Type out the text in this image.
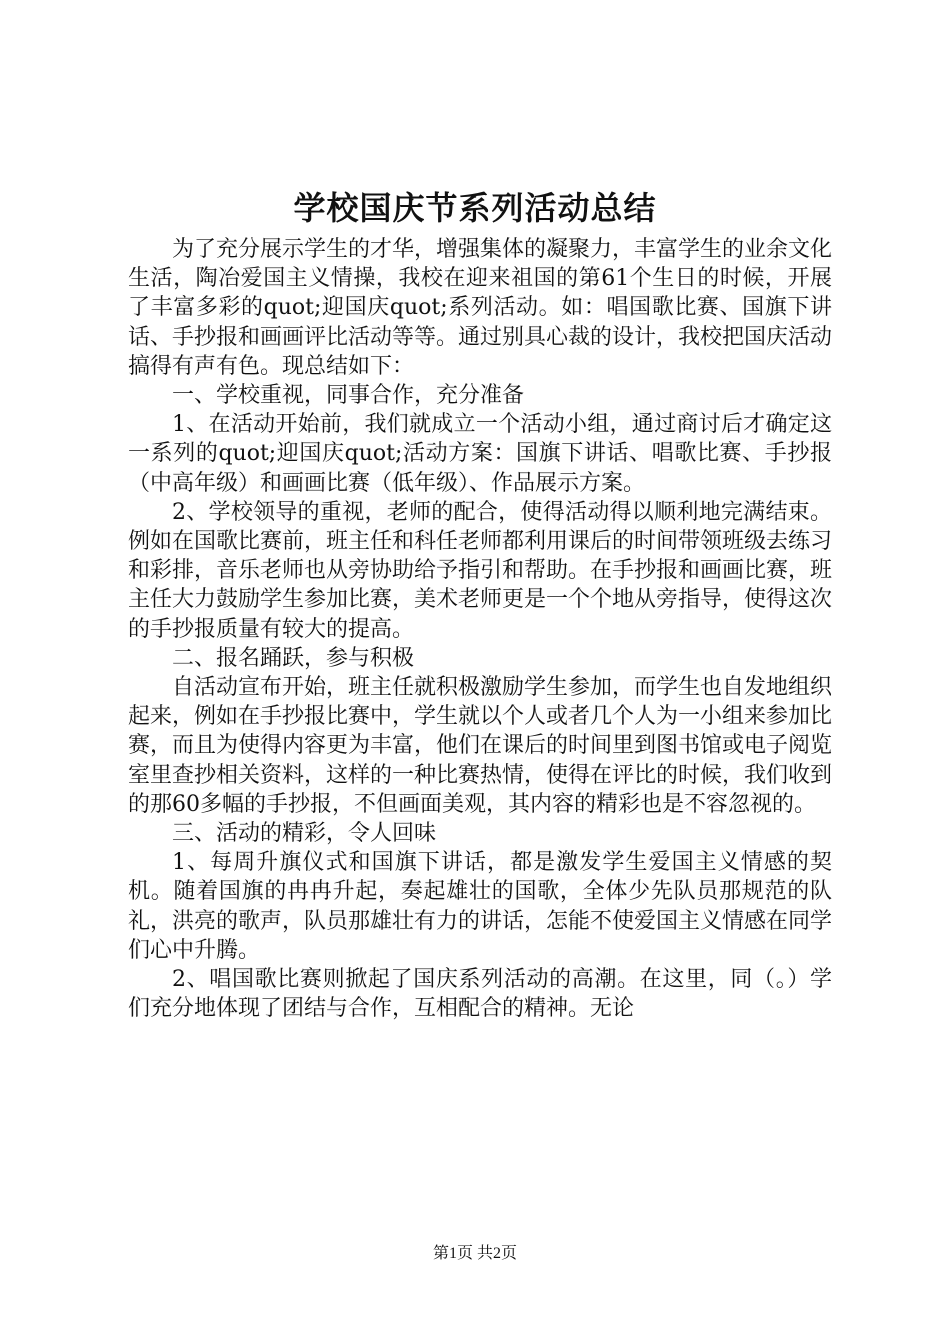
学校国庆节系列活动总结

为了充分展示学生的才华，增强集体的凝聚力，丰富学生的业余文化生活，陶冶爱国主义情操，我校在迎来祖国的第61个生日的时候，开展了丰富多彩的quot;迎国庆quot;系列活动。如：唱国歌比赛、国旗下讲话、手抄报和画画评比活动等等。通过别具心裁的设计，我校把国庆活动搞得有声有色。现总结如下：

一、学校重视，同事合作，充分准备

1、在活动开始前，我们就成立一个活动小组，通过商讨后才确定这一系列的quot;迎国庆quot;活动方案：国旗下讲话、唱歌比赛、手抄报（中高年级）和画画比赛（低年级）、作品展示方案。

2、学校领导的重视，老师的配合，使得活动得以顺利地完满结束。例如在国歌比赛前，班主任和科任老师都利用课后的时间带领班级去练习和彩排，音乐老师也从旁协助给予指引和帮助。在手抄报和画画比赛，班主任大力鼓励学生参加比赛，美术老师更是一个个地从旁指导，使得这次的手抄报质量有较大的提高。

二、报名踊跃，参与积极

自活动宣布开始，班主任就积极激励学生参加，而学生也自发地组织起来，例如在手抄报比赛中，学生就以个人或者几个人为一小组来参加比赛，而且为使得内容更为丰富，他们在课后的时间里到图书馆或电子阅览室里查抄相关资料，这样的一种比赛热情，使得在评比的时候，我们收到的那60多幅的手抄报，不但画面美观，其内容的精彩也是不容忽视的。

三、活动的精彩，令人回味

1、每周升旗仪式和国旗下讲话，都是激发学生爱国主义情感的契机。随着国旗的冉冉升起，奏起雄壮的国歌，全体少先队员那规范的队礼，洪亮的歌声，队员那雄壮有力的讲话，怎能不使爱国主义情感在同学们心中升腾。

2、唱国歌比赛则掀起了国庆系列活动的高潮。在这里，同（。）学们充分地体现了团结与合作，互相配合的精神。无论

第1页 共2页
